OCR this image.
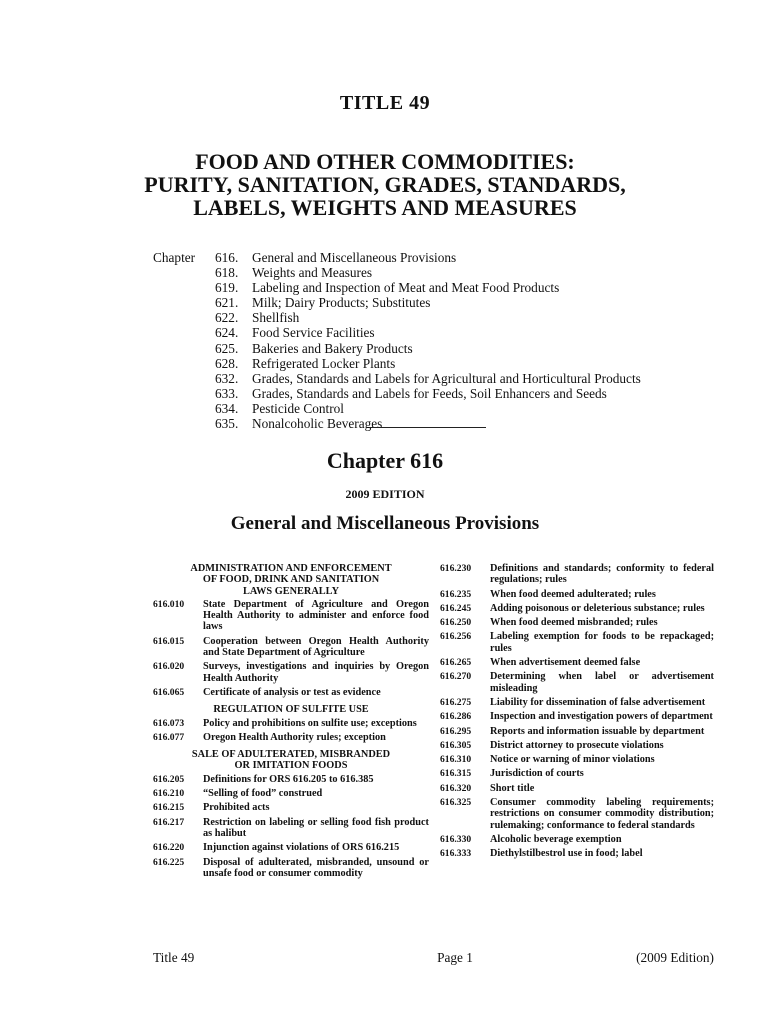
TITLE 49
FOOD AND OTHER COMMODITIES:
PURITY, SANITATION, GRADES, STANDARDS,
LABELS, WEIGHTS AND MEASURES
Chapter	616.	General and Miscellaneous Provisions
618.	Weights and Measures
619.	Labeling and Inspection of Meat and Meat Food Products
621.	Milk; Dairy Products; Substitutes
622.	Shellfish
624.	Food Service Facilities
625.	Bakeries and Bakery Products
628.	Refrigerated Locker Plants
632.	Grades, Standards and Labels for Agricultural and Horticultural Products
633.	Grades, Standards and Labels for Feeds, Soil Enhancers and Seeds
634.	Pesticide Control
635.	Nonalcoholic Beverages
Chapter 616
2009 EDITION
General and Miscellaneous Provisions
ADMINISTRATION AND ENFORCEMENT
OF FOOD, DRINK AND SANITATION
LAWS GENERALLY
616.010	State Department of Agriculture and Oregon Health Authority to administer and enforce food laws
616.015	Cooperation between Oregon Health Authority and State Department of Agriculture
616.020	Surveys, investigations and inquiries by Oregon Health Authority
616.065	Certificate of analysis or test as evidence
REGULATION OF SULFITE USE
616.073	Policy and prohibitions on sulfite use; exceptions
616.077	Oregon Health Authority rules; exception
SALE OF ADULTERATED, MISBRANDED
OR IMITATION FOODS
616.205	Definitions for ORS 616.205 to 616.385
616.210	“Selling of food” construed
616.215	Prohibited acts
616.217	Restriction on labeling or selling food fish product as halibut
616.220	Injunction against violations of ORS 616.215
616.225	Disposal of adulterated, misbranded, unsound or unsafe food or consumer commodity
616.230	Definitions and standards; conformity to federal regulations; rules
616.235	When food deemed adulterated; rules
616.245	Adding poisonous or deleterious substance; rules
616.250	When food deemed misbranded; rules
616.256	Labeling exemption for foods to be repackaged; rules
616.265	When advertisement deemed false
616.270	Determining when label or advertisement misleading
616.275	Liability for dissemination of false advertisement
616.286	Inspection and investigation powers of department
616.295	Reports and information issuable by department
616.305	District attorney to prosecute violations
616.310	Notice or warning of minor violations
616.315	Jurisdiction of courts
616.320	Short title
616.325	Consumer commodity labeling requirements; restrictions on consumer commodity distribution; rulemaking; conformance to federal standards
616.330	Alcoholic beverage exemption
616.333	Diethylstilbestrol use in food; label
Title 49	Page 1	(2009 Edition)
